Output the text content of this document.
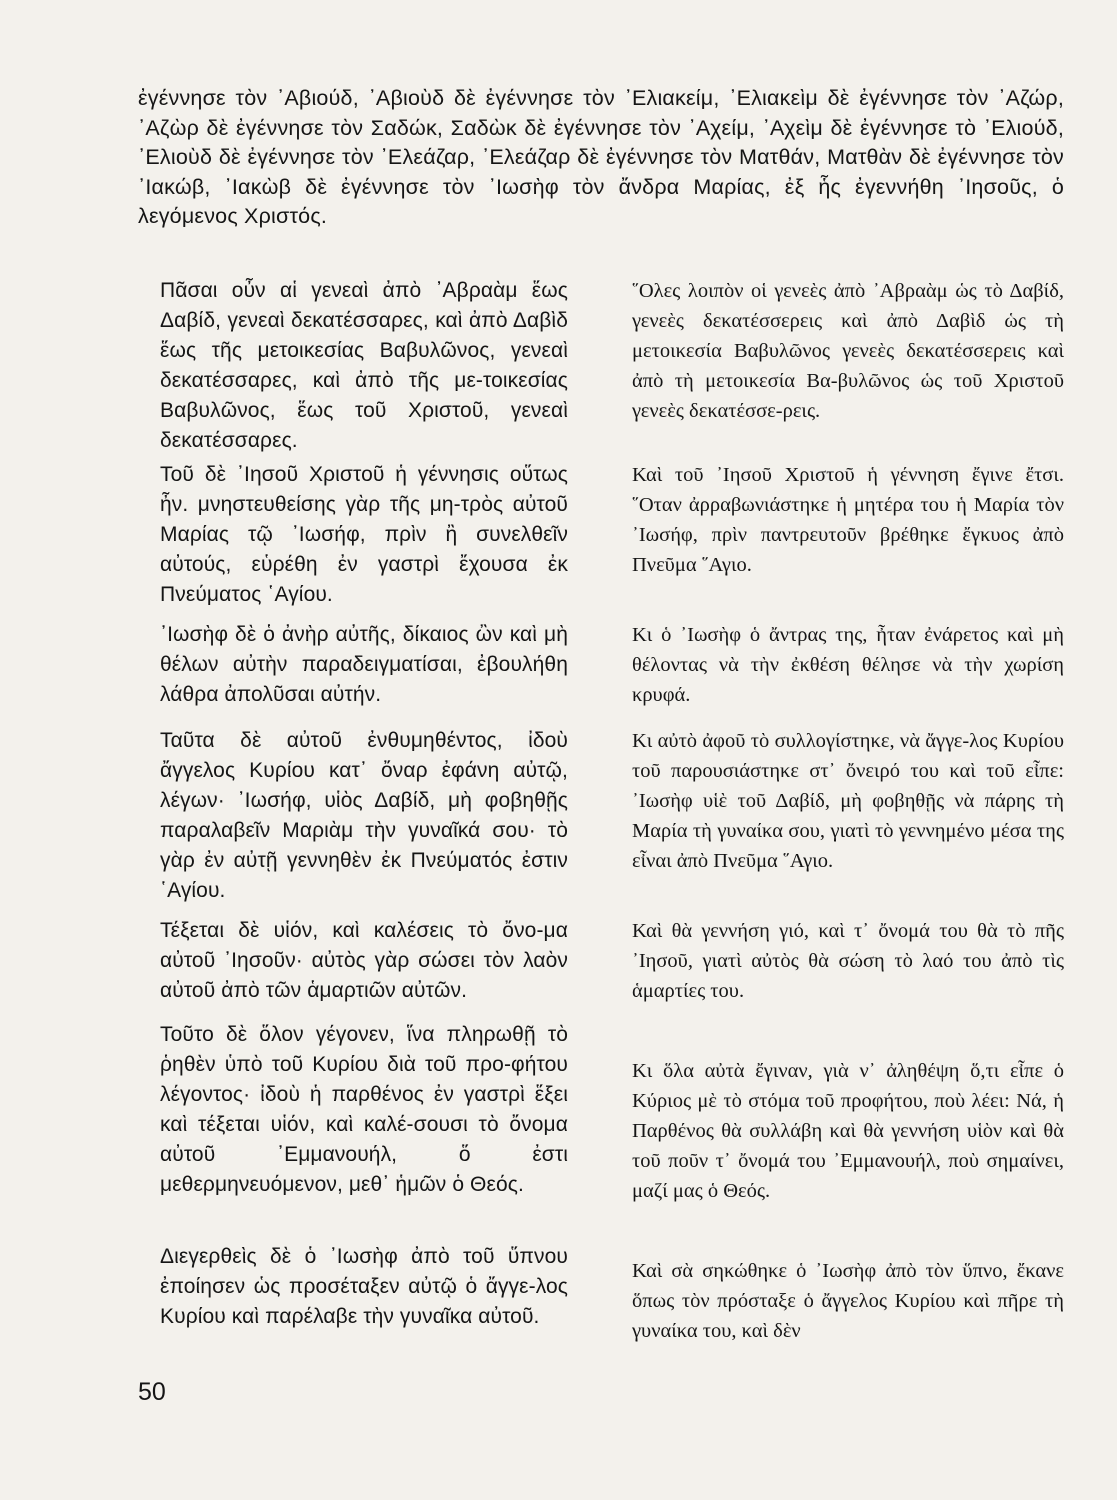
ἐγέννησε τὸν ᾿Αβιούδ, ᾿Αβιοὺδ δὲ ἐγέννησε τὸν ᾿Ελιακείμ, ᾿Ελιακεὶμ δὲ ἐγέννησε τὸν ᾿Αζώρ, ᾿Αζὼρ δὲ ἐγέννησε τὸν Σαδώκ, Σαδὼκ δὲ ἐγέννησε τὸν ᾿Αχείμ, ᾿Αχεὶμ δὲ ἐγέννησε τὸ ᾿Ελιούδ, ᾿Ελιοὺδ δὲ ἐγέννησε τὸν ᾿Ελεάζαρ, ᾿Ελεάζαρ δὲ ἐγέννησε τὸν Ματθάν, Ματθὰν δὲ ἐγέννησε τὸν ᾿Ιακώβ, ᾿Ιακὼβ δὲ ἐγέννησε τὸν ᾿Ιωσὴφ τὸν ἄνδρα Μαρίας, ἐξ ἧς ἐγεννήθη ᾿Ιησοῦς, ὁ λεγόμενος Χριστός.

Πᾶσαι οὖν αἱ γενεαὶ ἀπὸ ᾿Αβραὰμ ἕως Δαβίδ, γενεαὶ δεκατέσσαρες, καὶ ἀπὸ Δαβὶδ ἕως τῆς μετοικεσίας Βαβυλῶνος, γενεαὶ δεκατέσσαρες, καὶ ἀπὸ τῆς με-τοικεσίας Βαβυλῶνος, ἕως τοῦ Χριστοῦ, γενεαὶ δεκατέσσαρες.

Τοῦ δὲ ᾿Ιησοῦ Χριστοῦ ἡ γέννησις οὕτως ἦν. μνηστευθείσης γὰρ τῆς μη-τρὸς αὐτοῦ Μαρίας τῷ ᾿Ιωσήφ, πρὶν ἢ συνελθεῖν αὐτούς, εὑρέθη ἐν γαστρὶ ἔχουσα ἐκ Πνεύματος ῾Αγίου.

᾿Ιωσὴφ δὲ ὁ ἀνὴρ αὐτῆς, δίκαιος ὢν καὶ μὴ θέλων αὐτὴν παραδειγματίσαι, ἐβουλήθη λάθρα ἀπολῦσαι αὐτήν.

Ταῦτα δὲ αὐτοῦ ἐνθυμηθέντος, ἰδοὺ ἄγγελος Κυρίου κατ᾿ ὄναρ ἐφάνη αὐτῷ, λέγων· ᾿Ιωσήφ, υἱὸς Δαβίδ, μὴ φοβηθῇς παραλαβεῖν Μαριὰμ τὴν γυναῖκά σου· τὸ γὰρ ἐν αὐτῇ γεννηθὲν ἐκ Πνεύματός ἐστιν ῾Αγίου.

Τέξεται δὲ υἱόν, καὶ καλέσεις τὸ ὄνο-μα αὐτοῦ ᾿Ιησοῦν· αὐτὸς γὰρ σώσει τὸν λαὸν αὐτοῦ ἀπὸ τῶν ἁμαρτιῶν αὐτῶν.

Τοῦτο δὲ ὅλον γέγονεν, ἵνα πληρωθῇ τὸ ῥηθὲν ὑπὸ τοῦ Κυρίου διὰ τοῦ προ-φήτου λέγοντος· ἰδοὺ ἡ παρθένος ἐν γαστρὶ ἕξει καὶ τέξεται υἱόν, καὶ καλέ-σουσι τὸ ὄνομα αὐτοῦ ᾿Εμμανουήλ, ὅ ἐστι μεθερμηνευόμενον, μεθ᾿ ἡμῶν ὁ Θεός.

Διεγερθεὶς δὲ ὁ ᾿Ιωσὴφ ἀπὸ τοῦ ὕπνου ἐποίησεν ὡς προσέταξεν αὐτῷ ὁ ἄγγε-λος Κυρίου καὶ παρέλαβε τὴν γυναῖκα αὐτοῦ.

῞Ολες λοιπὸν οἱ γενεὲς ἀπὸ ᾿Αβραὰμ ὡς τὸ Δαβίδ, γενεὲς δεκατέσσερεις καὶ ἀπὸ Δαβὶδ ὡς τὴ μετοικεσία Βαβυλῶνος γενεὲς δεκατέσσερεις καὶ ἀπὸ τὴ μετοικεσία Βα-βυλῶνος ὡς τοῦ Χριστοῦ γενεὲς δεκατέσσε-ρεις.

Καὶ τοῦ ᾿Ιησοῦ Χριστοῦ ἡ γέννηση ἔγινε ἔτσι. ῞Οταν ἀρραβωνιάστηκε ἡ μητέρα του ἡ Μαρία τὸν ᾿Ιωσήφ, πρὶν παντρευτοῦν βρέθηκε ἔγκυος ἀπὸ Πνεῦμα ῞Αγιο.

Κι ὁ ᾿Ιωσὴφ ὁ ἄντρας της, ἦταν ἐνάρετος καὶ μὴ θέλοντας νὰ τὴν ἐκθέση θέλησε νὰ τὴν χωρίση κρυφά.

Κι αὐτὸ ἀφοῦ τὸ συλλογίστηκε, νὰ ἄγγε-λος Κυρίου τοῦ παρουσιάστηκε στ᾿ ὄνειρό του καὶ τοῦ εἶπε: ᾿Ιωσὴφ υἱὲ τοῦ Δαβίδ, μὴ φοβηθῇς νὰ πάρης τὴ Μαρία τὴ γυναίκα σου, γιατὶ τὸ γεννημένο μέσα της εἶναι ἀπὸ Πνεῦμα ῞Αγιο.

Καὶ θὰ γεννήση γιό, καὶ τ᾿ ὄνομά του θὰ τὸ πῆς ᾿Ιησοῦ, γιατὶ αὐτὸς θὰ σώση τὸ λαό του ἀπὸ τὶς ἁμαρτίες του.

Κι ὅλα αὐτὰ ἔγιναν, γιὰ ν᾿ ἀληθέψη ὅ,τι εἶπε ὁ Κύριος μὲ τὸ στόμα τοῦ προφήτου, ποὺ λέει: Νά, ἡ Παρθένος θὰ συλλάβη καὶ θὰ γεννήση υἱὸν καὶ θὰ τοῦ ποῦν τ᾿ ὄνομά του ᾿Εμμανουήλ, ποὺ σημαίνει, μαζί μας ὁ Θεός.

Καὶ σὰ σηκώθηκε ὁ ᾿Ιωσὴφ ἀπὸ τὸν ὕπνο, ἔκανε ὅπως τὸν πρόσταξε ὁ ἄγγελος Κυρίου καὶ πῆρε τὴ γυναίκα του, καὶ δὲν

50
